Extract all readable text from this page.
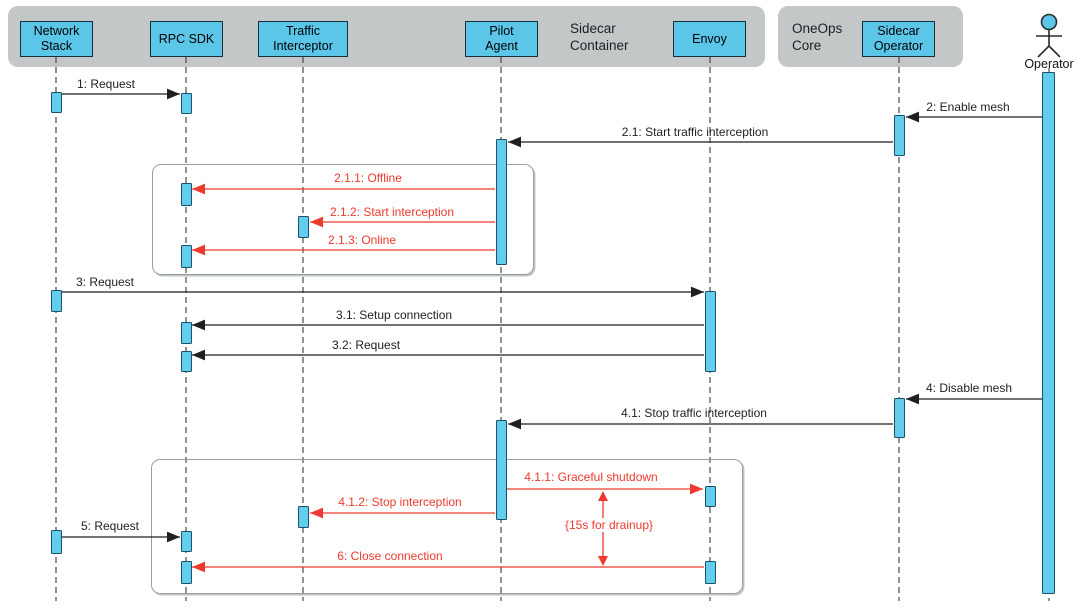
Sidecar
Container
OneOps
Core
Network
Stack
RPC SDK
Traffic
Interceptor
Pilot
Agent
Envoy
Sidecar
Operator
Operator
1: Request
2: Enable mesh
2.1: Start traffic interception
2.1.1: Offline
2.1.2: Start interception
2.1.3: Online
3: Request
3.1: Setup connection
3.2: Request
4: Disable mesh
4.1: Stop traffic interception
4.1.1: Graceful shutdown
4.1.2: Stop interception
5: Request
6: Close connection
{15s for drainup}
